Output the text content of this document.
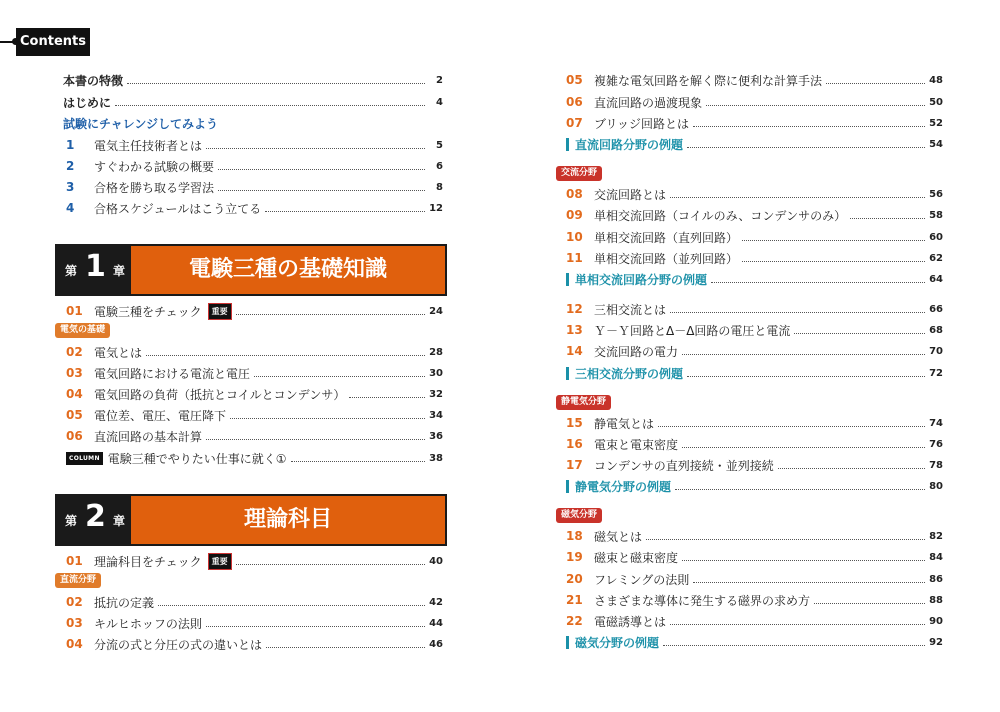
Contents
本書の特徴	2
はじめに	4
試験にチャレンジしてみよう
1	電気主任技術者とは	5
2	すぐわかる試験の概要	6
3	合格を勝ち取る学習法	8
4	合格スケジュールはこう立てる	12
第 1 章	電験三種の基礎知識
01 電験三種をチェック	重要	24
電気の基礎
02 電気とは	28
03 電気回路における電流と電圧	30
04 電気回路の負荷（抵抗とコイルとコンデンサ）	32
05 電位差、電圧、電圧降下	34
06 直流回路の基本計算	36
COLUMN 電験三種でやりたい仕事に就く①	38
第 2 章	理論科目
01 理論科目をチェック	重要	40
直流分野
02 抵抗の定義	42
03 キルヒホッフの法則	44
04 分流の式と分圧の式の違いとは	46
05 複雑な電気回路を解く際に便利な計算手法	48
06 直流回路の過渡現象	50
07 ブリッジ回路とは	52
直流回路分野の例題	54
交流分野
08 交流回路とは	56
09 単相交流回路（コイルのみ、コンデンサのみ）	58
10 単相交流回路（直列回路）	60
11 単相交流回路（並列回路）	62
単相交流回路分野の例題	64
12 三相交流とは	66
13 Ｙ－Ｙ回路とΔ－Δ回路の電圧と電流	68
14 交流回路の電力	70
三相交流分野の例題	72
静電気分野
15 静電気とは	74
16 電束と電束密度	76
17 コンデンサの直列接続・並列接続	78
静電気分野の例題	80
磁気分野
18 磁気とは	82
19 磁束と磁束密度	84
20 フレミングの法則	86
21 さまざまな導体に発生する磁界の求め方	88
22 電磁誘導とは	90
磁気分野の例題	92
